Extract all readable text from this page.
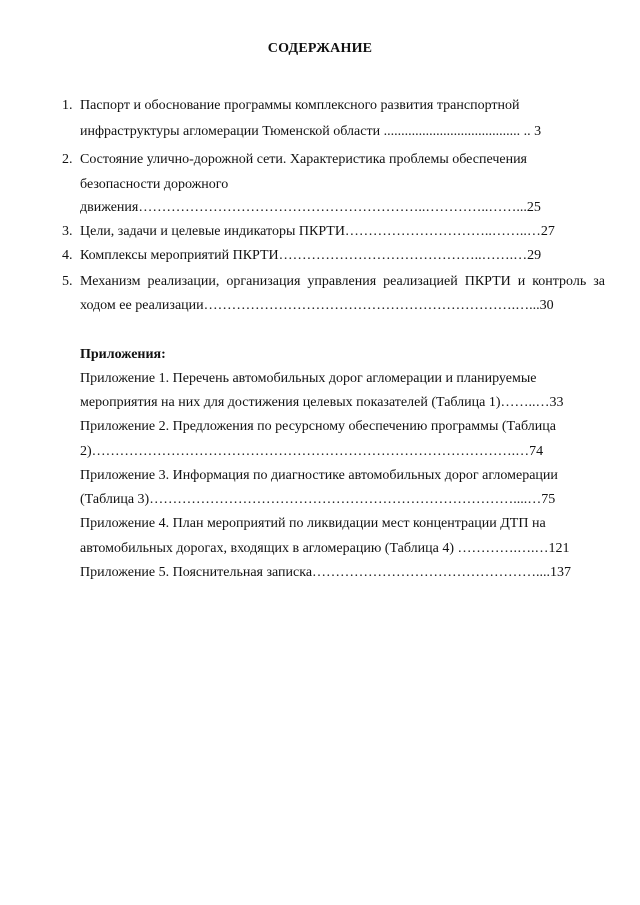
СОДЕРЖАНИЕ
1. Паспорт и обоснование программы комплексного развития транспортной
инфраструктуры агломерации Тюменской области ....................................... .. 3
2. Состояние улично-дорожной сети. Характеристика проблемы обеспечения
безопасности дорожного
движения……………………………………………………..…………..……...25
3. Цели, задачи и целевые индикаторы ПКРТИ…………………………..……..…27
4. Комплексы мероприятий ПКРТИ……………………………………..…….…29
5. Механизм реализации, организация управления реализацией ПКРТИ и контроль за
ходом ее реализации………………………………………………………….…...30
Приложения:
Приложение 1. Перечень автомобильных дорог агломерации и планируемые
мероприятия на них для достижения целевых показателей (Таблица 1)……..…33
Приложение 2. Предложения по ресурсному обеспечению программы (Таблица
2)……………………………………………………………………………….…74
Приложение 3. Информация по диагностике автомобильных дорог агломерации
(Таблица 3)……………………………………………………………………....…75
Приложение 4. План мероприятий по ликвидации мест концентрации ДТП на
автомобильных дорогах, входящих в агломерацию (Таблица 4) ………….….…121
Приложение 5. Пояснительная записка…………………………………………....137
